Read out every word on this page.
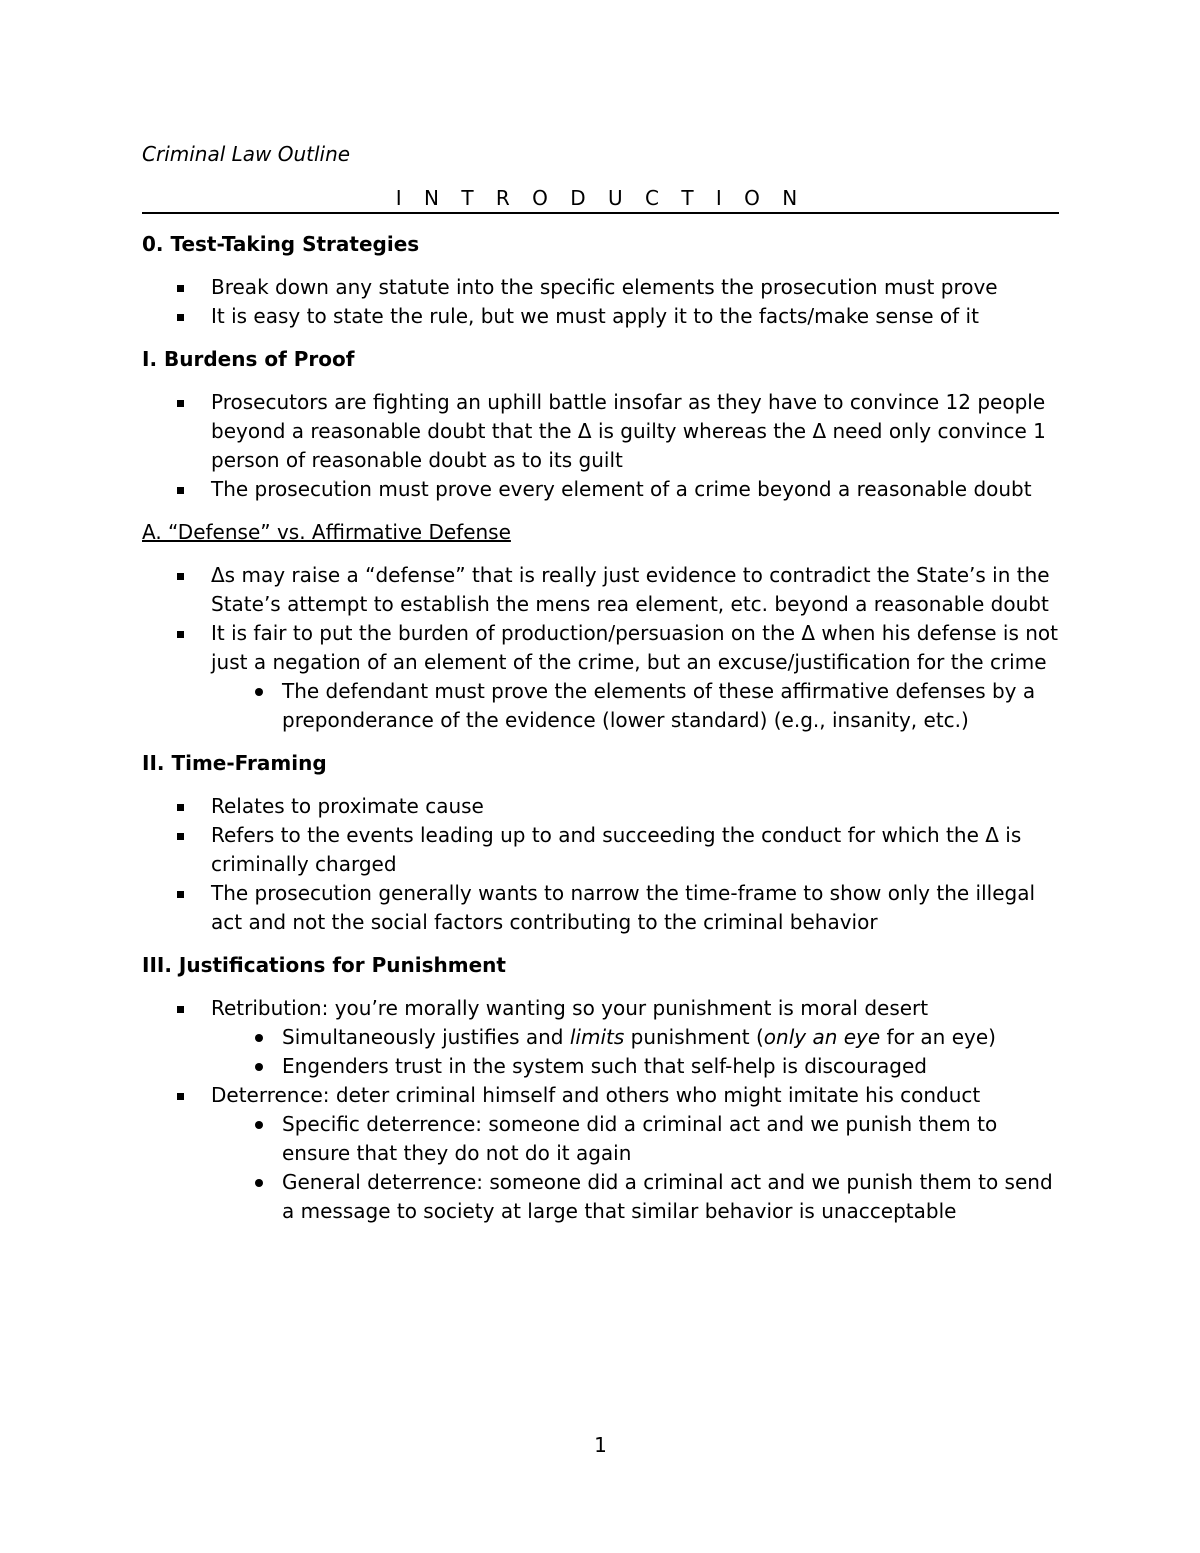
Criminal Law Outline
I N T R O D U C T I O N
0. Test-Taking Strategies
Break down any statute into the specific elements the prosecution must prove
It is easy to state the rule, but we must apply it to the facts/make sense of it
I. Burdens of Proof
Prosecutors are fighting an uphill battle insofar as they have to convince 12 people beyond a reasonable doubt that the Δ is guilty whereas the Δ need only convince 1 person of reasonable doubt as to its guilt
The prosecution must prove every element of a crime beyond a reasonable doubt
A. “Defense” vs. Affirmative Defense
Δs may raise a “defense” that is really just evidence to contradict the State’s in the State’s attempt to establish the mens rea element, etc. beyond a reasonable doubt
It is fair to put the burden of production/persuasion on the Δ when his defense is not just a negation of an element of the crime, but an excuse/justification for the crime
The defendant must prove the elements of these affirmative defenses by a preponderance of the evidence (lower standard) (e.g., insanity, etc.)
II. Time-Framing
Relates to proximate cause
Refers to the events leading up to and succeeding the conduct for which the Δ is criminally charged
The prosecution generally wants to narrow the time-frame to show only the illegal act and not the social factors contributing to the criminal behavior
III. Justifications for Punishment
Retribution: you’re morally wanting so your punishment is moral desert
Simultaneously justifies and limits punishment (only an eye for an eye)
Engenders trust in the system such that self-help is discouraged
Deterrence: deter criminal himself and others who might imitate his conduct
Specific deterrence: someone did a criminal act and we punish them to ensure that they do not do it again
General deterrence: someone did a criminal act and we punish them to send a message to society at large that similar behavior is unacceptable
1
